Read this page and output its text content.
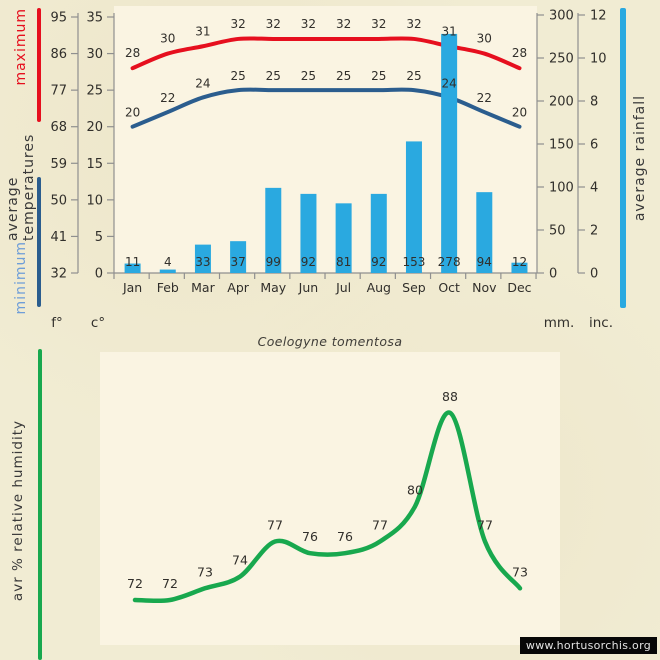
maximum
average temperatures
minimum
95
86
77
68
59
50
41
32
35
30
25
20
15
10
5
0
300
250
200
150
100
50
0
12
10
8
6
4
2
0
28
30
31
32 32 32 32 32 32
31
30
28
20
22
24
25 25 25 25 25 25
24
22
20
11 4 33 37 99 92 81 92 153 278 94 12
Jan Feb Mar Apr May Jun Jul Aug Sep Oct Nov Dec
f° c°	mm. inc.
average rainfall
Coelogyne tomentosa
avr % relative humidity	72 72
73
74
77
76 76
77
80
88
77
73
www.hortusorchis.org
